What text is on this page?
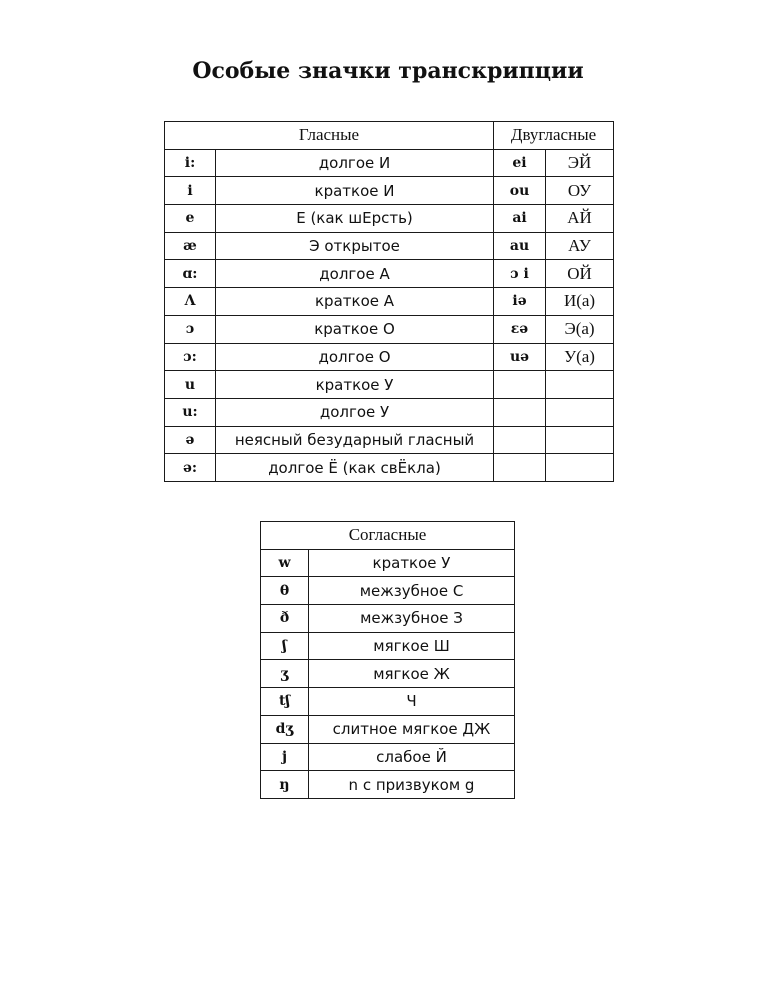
Особые значки транскрипции
Гласные		Двугласные	
i:	долгое И	ei	ЭЙ
i	краткое И	ou	ОУ
e	Е (как шЕрсть)	ai	АЙ
æ	Э открытое	au	АУ
ɑ:	долгое А	ɔ i	ОЙ
Λ	краткое А	iə	И(а)
ɔ	краткое О	εə	Э(а)
ɔ:	долгое О	uə	У(а)
u	краткое У		
u:	долгое У		
ə	неясный безударный гласный		
ə:	долгое Ё (как свЁкла)		
Согласные	
w	краткое У
θ	межзубное С
ð	межзубное З
ʃ	мягкое Ш
ʒ	мягкое Ж
tʃ	Ч
dʒ	слитное мягкое ДЖ
j	слабое Й
ŋ	n с призвуком g
